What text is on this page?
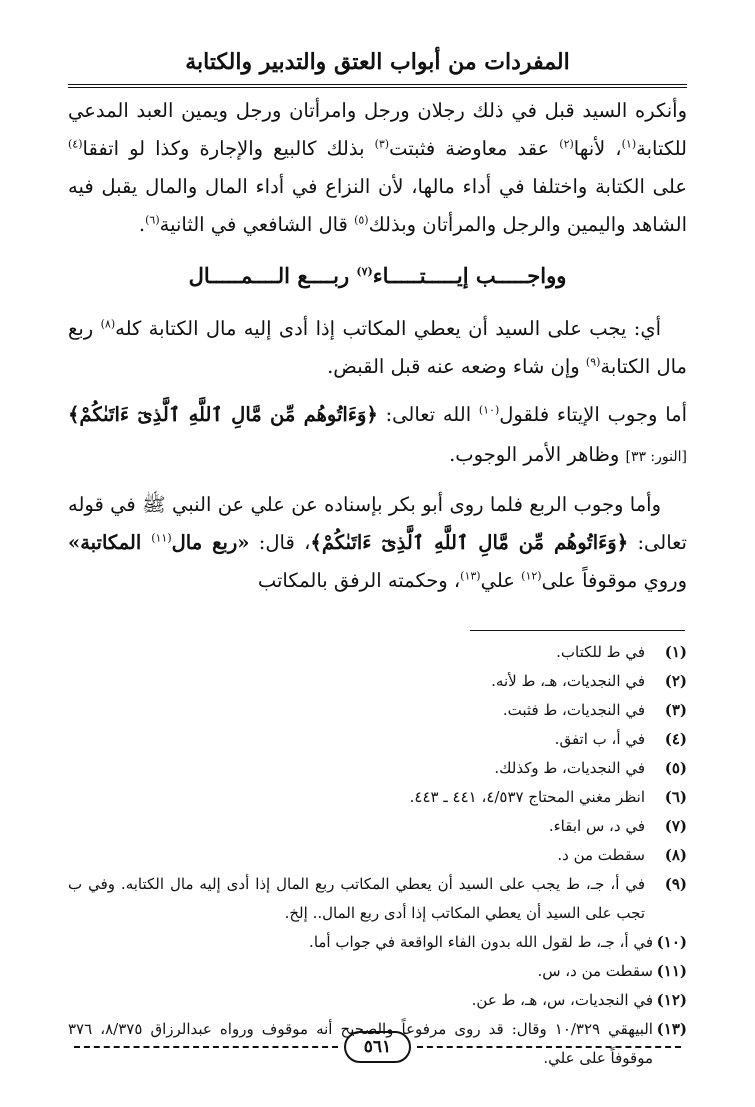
المفردات من أبواب العتق والتدبير والكتابة

وأنكره السيد قبل في ذلك رجلان ورجل وامرأتان ورجل ويمين العبد المدعي للكتابة$^{(١)}$، لأنها$^{(٢)}$ عقد معاوضة فثبتت$^{(٣)}$ بذلك كالبيع والإجارة وكذا لو اتفقا$^{(٤)}$ على الكتابة واختلفا في أداء مالها، لأن النزاع في أداء المال والمال يقبل فيه الشاهد واليمين والرجل والمرأتان وبذلك$^{(٥)}$ قال الشافعي في الثانية$^{(٦)}$.

وواجـــــب إيـــــتـــــاء$^{(٧)}$ ربــــع الــــمـــــال

أي: يجب على السيد أن يعطي المكاتب إذا أدى إليه مال الكتابة كله$^{(٨)}$ ربع مال الكتابة$^{(٩)}$ وإن شاء وضعه عنه قبل القبض.

أما وجوب الإيتاء فلقول$^{(١٠)}$ الله تعالى: ﴿وَءَاتُوهُم مِّن مَّالِ ٱللَّهِ ٱلَّذِىٓ ءَاتَىٰكُمْ﴾ [النور: ٣٣] وظاهر الأمر الوجوب.

وأما وجوب الربع فلما روى أبو بكر بإسناده عن علي عن النبي ﷺ في قوله تعالى: ﴿وَءَاتُوهُم مِّن مَّالِ ٱللَّهِ ٱلَّذِىٓ ءَاتَىٰكُمْ﴾، قال: «ربع مال$^{(١١)}$ المكاتبة» وروي موقوفاً على$^{(١٢)}$ علي$^{(١٣)}$، وحكمته الرفق بالمكاتب

(١)
في ط للكتاب.
(٢)
في النجديات، هـ، ط لأنه.
(٣)
في النجديات، ط فثبت.
(٤)
في أ، ب اتفق.
(٥)
في النجديات، ط وكذلك.
(٦)
انظر مغني المحتاج ٤/٥٣٧، ٤٤١ ـ ٤٤٣.
(٧)
في د، س ابقاء.
(٨)
سقطت من د.
(٩)
في أ، جـ، ط يجب على السيد أن يعطي المكاتب ربع المال إذا أدى إليه مال الكتابه. وفي ب تجب على السيد أن يعطي المكاتب إذا أدى ربع المال.. إلخ.
(١٠)
في أ، جـ، ط لقول الله بدون الفاء الواقعة في جواب أما.
(١١)
سقطت من د، س.
(١٢)
في النجديات، س، هـ، ط عن.
(١٣)
البيهقي ١٠/٣٢٩ وقال: قد روى مرفوعاً والصحيح أنه موقوف ورواه عبدالرزاق ٨/٣٧٥، ٣٧٦ موقوفاً على علي.
٥٦١
